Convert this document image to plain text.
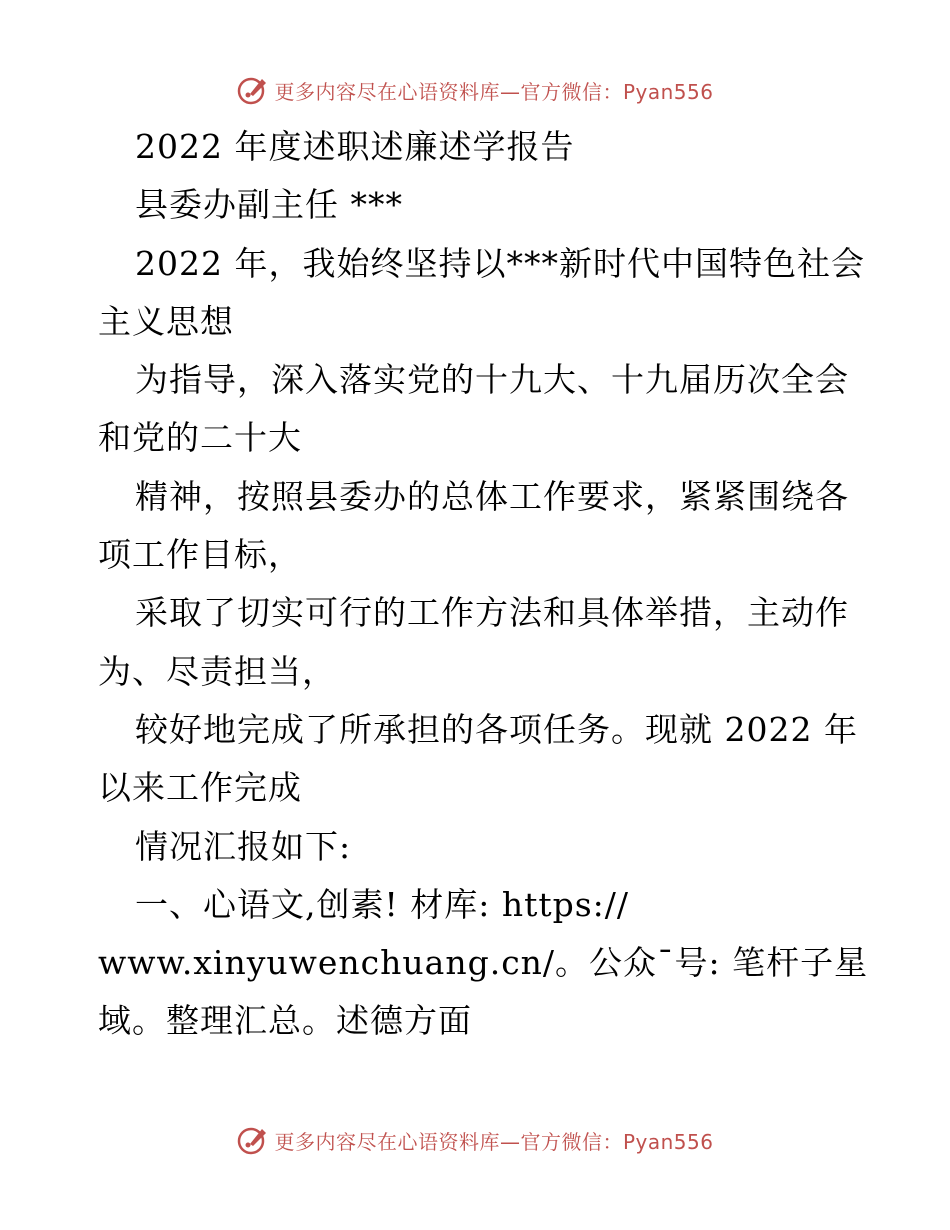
更多内容尽在心语资料库—官方微信：Pyan556

2022 年度述职述廉述学报告

县委办副主任 ***

2022 年，我始终坚持以***新时代中国特色社会

主义思想

为指导，深入落实党的十九大、十九届历次全会

和党的二十大

精神，按照县委办的总体工作要求，紧紧围绕各

项工作目标，

采取了切实可行的工作方法和具体举措，主动作

为、尽责担当，

较好地完成了所承担的各项任务。现就 2022 年

以来工作完成

情况汇报如下:

一、心语文,创素! 材库: https://

www.xinyuwenchuang.cn/。公众¯号: 笔杆子星

域。整理汇总。述德方面

更多内容尽在心语资料库—官方微信：Pyan556
